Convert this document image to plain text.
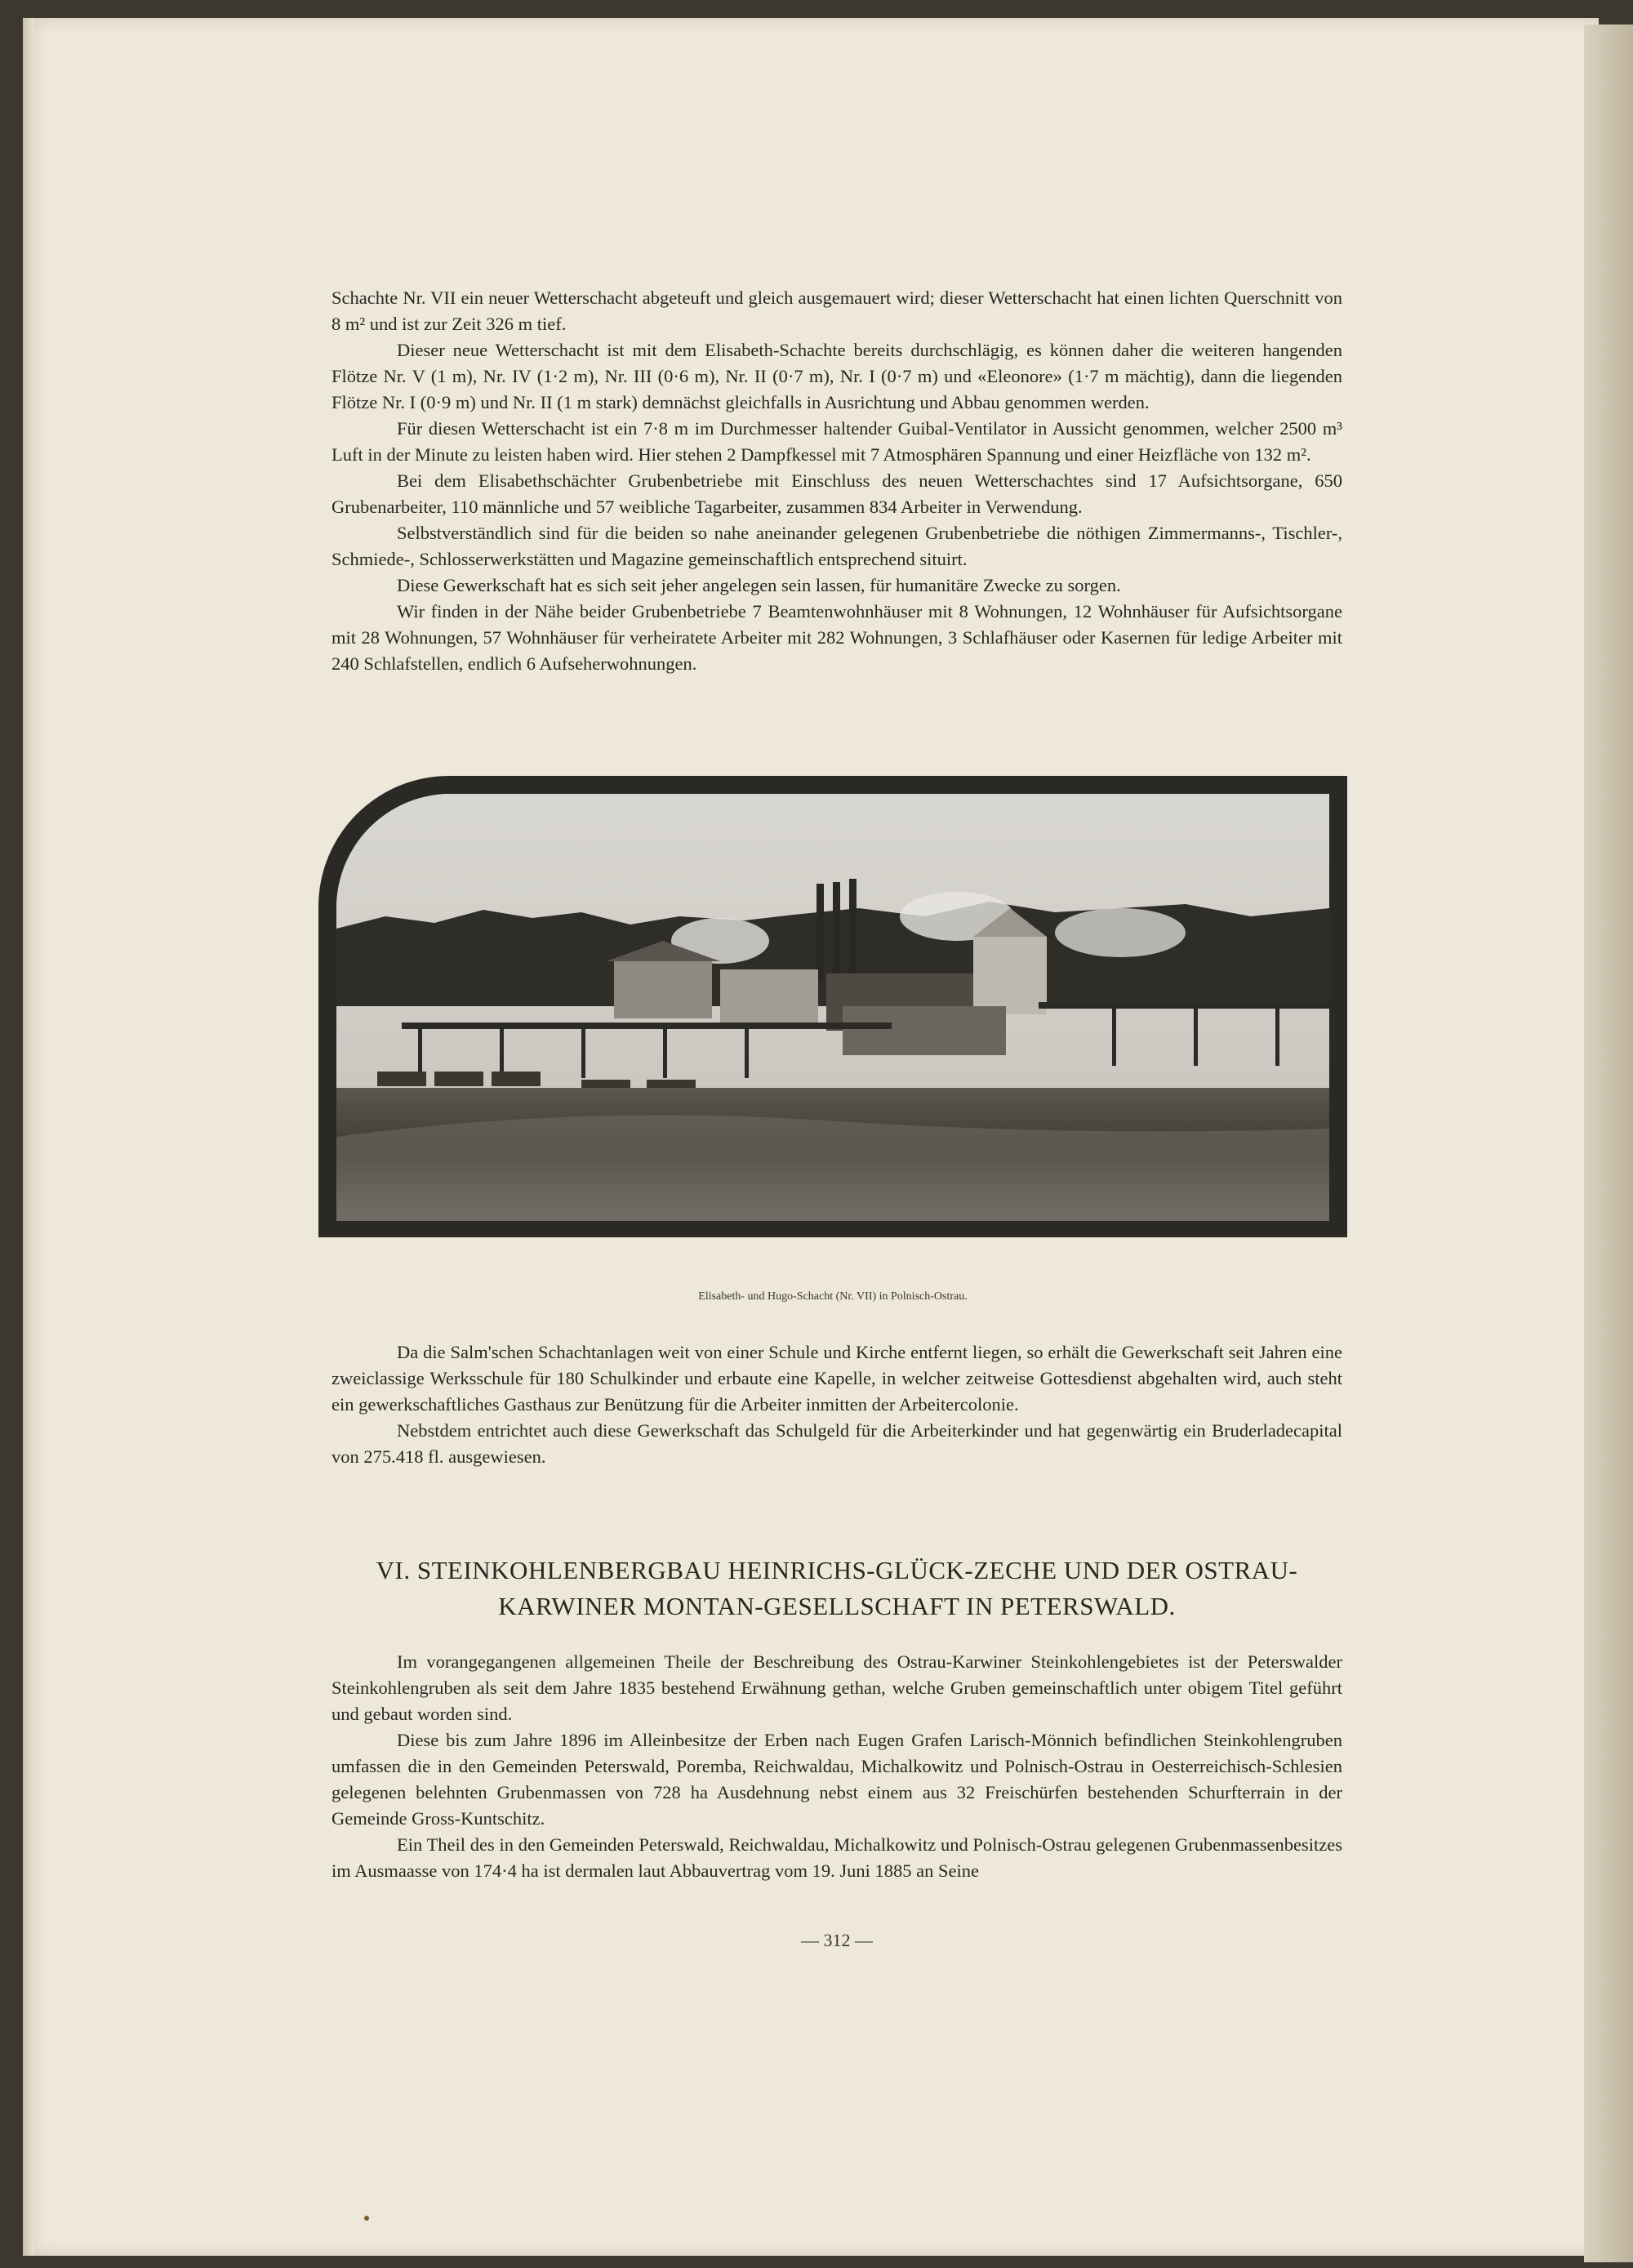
Schachte Nr. VII ein neuer Wetterschacht abgeteuft und gleich ausgemauert wird; dieser Wetterschacht hat einen lichten Querschnitt von 8 m² und ist zur Zeit 326 m tief.

Dieser neue Wetterschacht ist mit dem Elisabeth-Schachte bereits durchschlägig, es können daher die weiteren hangenden Flötze Nr. V (1 m), Nr. IV (1·2 m), Nr. III (0·6 m), Nr. II (0·7 m), Nr. I (0·7 m) und «Eleonore» (1·7 m mächtig), dann die liegenden Flötze Nr. I (0·9 m) und Nr. II (1 m stark) demnächst gleichfalls in Ausrichtung und Abbau genommen werden.

Für diesen Wetterschacht ist ein 7·8 m im Durchmesser haltender Guibal-Ventilator in Aussicht genommen, welcher 2500 m³ Luft in der Minute zu leisten haben wird. Hier stehen 2 Dampfkessel mit 7 Atmosphären Spannung und einer Heizfläche von 132 m².

Bei dem Elisabethschächter Grubenbetriebe mit Einschluss des neuen Wetterschachtes sind 17 Aufsichtsorgane, 650 Grubenarbeiter, 110 männliche und 57 weibliche Tagarbeiter, zusammen 834 Arbeiter in Verwendung.

Selbstverständlich sind für die beiden so nahe aneinander gelegenen Grubenbetriebe die nöthigen Zimmermanns-, Tischler-, Schmiede-, Schlosserwerkstätten und Magazine gemeinschaftlich entsprechend situirt.

Diese Gewerkschaft hat es sich seit jeher angelegen sein lassen, für humanitäre Zwecke zu sorgen.

Wir finden in der Nähe beider Grubenbetriebe 7 Beamtenwohnhäuser mit 8 Wohnungen, 12 Wohnhäuser für Aufsichtsorgane mit 28 Wohnungen, 57 Wohnhäuser für verheiratete Arbeiter mit 282 Wohnungen, 3 Schlafhäuser oder Kasernen für ledige Arbeiter mit 240 Schlafstellen, endlich 6 Aufseherwohnungen.

Elisabeth- und Hugo-Schacht (Nr. VII) in Polnisch-Ostrau.

Da die Salm'schen Schachtanlagen weit von einer Schule und Kirche entfernt liegen, so erhält die Gewerkschaft seit Jahren eine zweiclassige Werksschule für 180 Schulkinder und erbaute eine Kapelle, in welcher zeitweise Gottesdienst abgehalten wird, auch steht ein gewerkschaftliches Gasthaus zur Benützung für die Arbeiter inmitten der Arbeitercolonie.

Nebstdem entrichtet auch diese Gewerkschaft das Schulgeld für die Arbeiterkinder und hat gegenwärtig ein Bruderladecapital von 275.418 fl. ausgewiesen.

VI. STEINKOHLENBERGBAU HEINRICHS-GLÜCK-ZECHE UND DER OSTRAU-
KARWINER MONTAN-GESELLSCHAFT IN PETERSWALD.

Im vorangegangenen allgemeinen Theile der Beschreibung des Ostrau-Karwiner Steinkohlengebietes ist der Peterswalder Steinkohlengruben als seit dem Jahre 1835 bestehend Erwähnung gethan, welche Gruben gemeinschaftlich unter obigem Titel geführt und gebaut worden sind.

Diese bis zum Jahre 1896 im Alleinbesitze der Erben nach Eugen Grafen Larisch-Mönnich befindlichen Steinkohlengruben umfassen die in den Gemeinden Peterswald, Poremba, Reichwaldau, Michalkowitz und Polnisch-Ostrau in Oesterreichisch-Schlesien gelegenen belehnten Grubenmassen von 728 ha Ausdehnung nebst einem aus 32 Freischürfen bestehenden Schurfterrain in der Gemeinde Gross-Kuntschitz.

Ein Theil des in den Gemeinden Peterswald, Reichwaldau, Michalkowitz und Polnisch-Ostrau gelegenen Grubenmassenbesitzes im Ausmaasse von 174·4 ha ist dermalen laut Abbauvertrag vom 19. Juni 1885 an Seine

— 312 —
